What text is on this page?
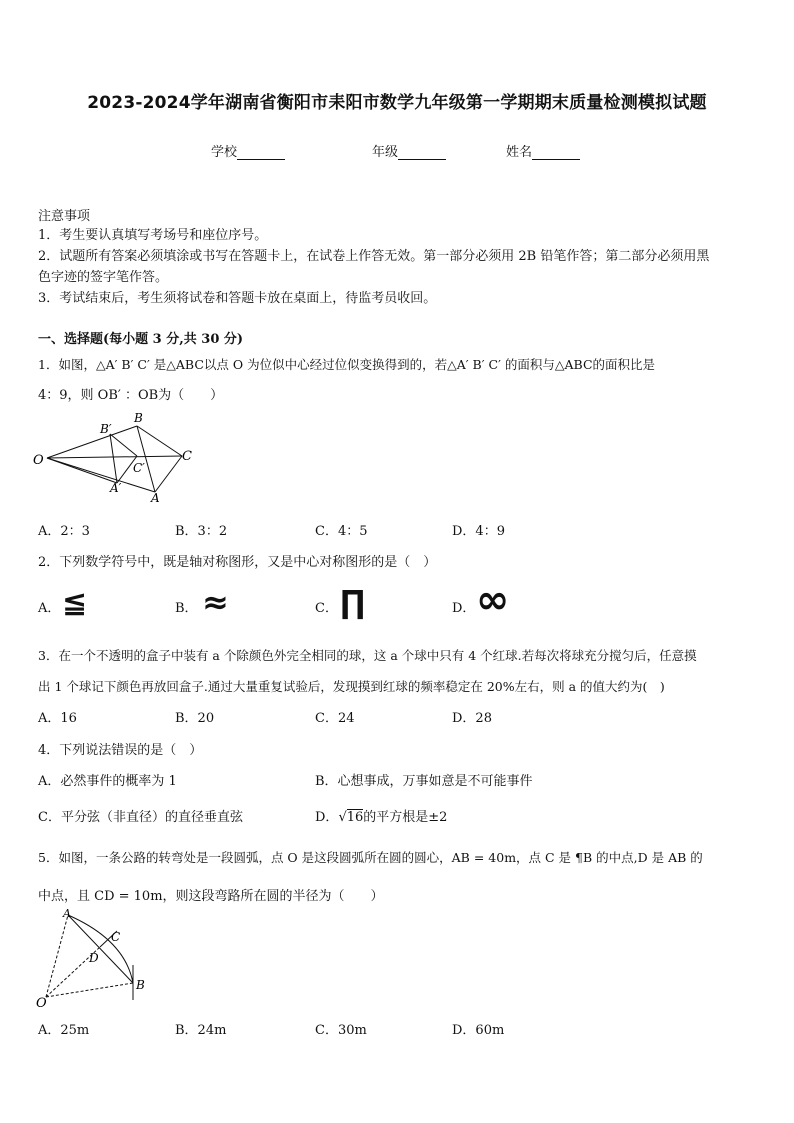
2023-2024学年湖南省衡阳市耒阳市数学九年级第一学期期末质量检测模拟试题
学校	年级	姓名
注意事项
1．考生要认真填写考场号和座位序号。
2．试题所有答案必须填涂或书写在答题卡上，在试卷上作答无效。第一部分必须用 2B 铅笔作答；第二部分必须用黑
色字迹的签字笔作答。
3．考试结束后，考生须将试卷和答题卡放在桌面上，待监考员收回。
一、选择题(每小题 3 分,共 30 分)
1．如图，△A′ B′ C′ 是△ABC以点 O 为位似中心经过位似变换得到的，若△A′ B′ C′ 的面积与△ABC的面积比是
4：9，则 OB′ ：OB为（　　）
O
B′
B
C
C′
A′
A
A．2：3	B．3：2	C．4：5	D．4：9
2．下列数学符号中，既是轴对称图形，又是中心对称图形的是（　）
A． ≦	B． ≈	C． ∏	D． ∞
3．在一个不透明的盒子中装有 a 个除颜色外完全相同的球，这 a 个球中只有 4 个红球.若每次将球充分搅匀后，任意摸
出 1 个球记下颜色再放回盒子.通过大量重复试验后，发现摸到红球的频率稳定在 20%左右，则 a 的值大约为(　)
A．16	B．20	C．24	D．28
4．下列说法错误的是（　）
A．必然事件的概率为 1	B．心想事成，万事如意是不可能事件
C．平分弦（非直径）的直径垂直弦	D．√16的平方根是±2
5．如图，一条公路的转弯处是一段圆弧，点 O 是这段圆弧所在圆的圆心，AB = 40m，点 C 是 ¶B 的中点,D 是 AB 的
中点，且 CD = 10m，则这段弯路所在圆的半径为（　　）
A
C
D
O
B
A．25m	B．24m	C．30m	D．60m
